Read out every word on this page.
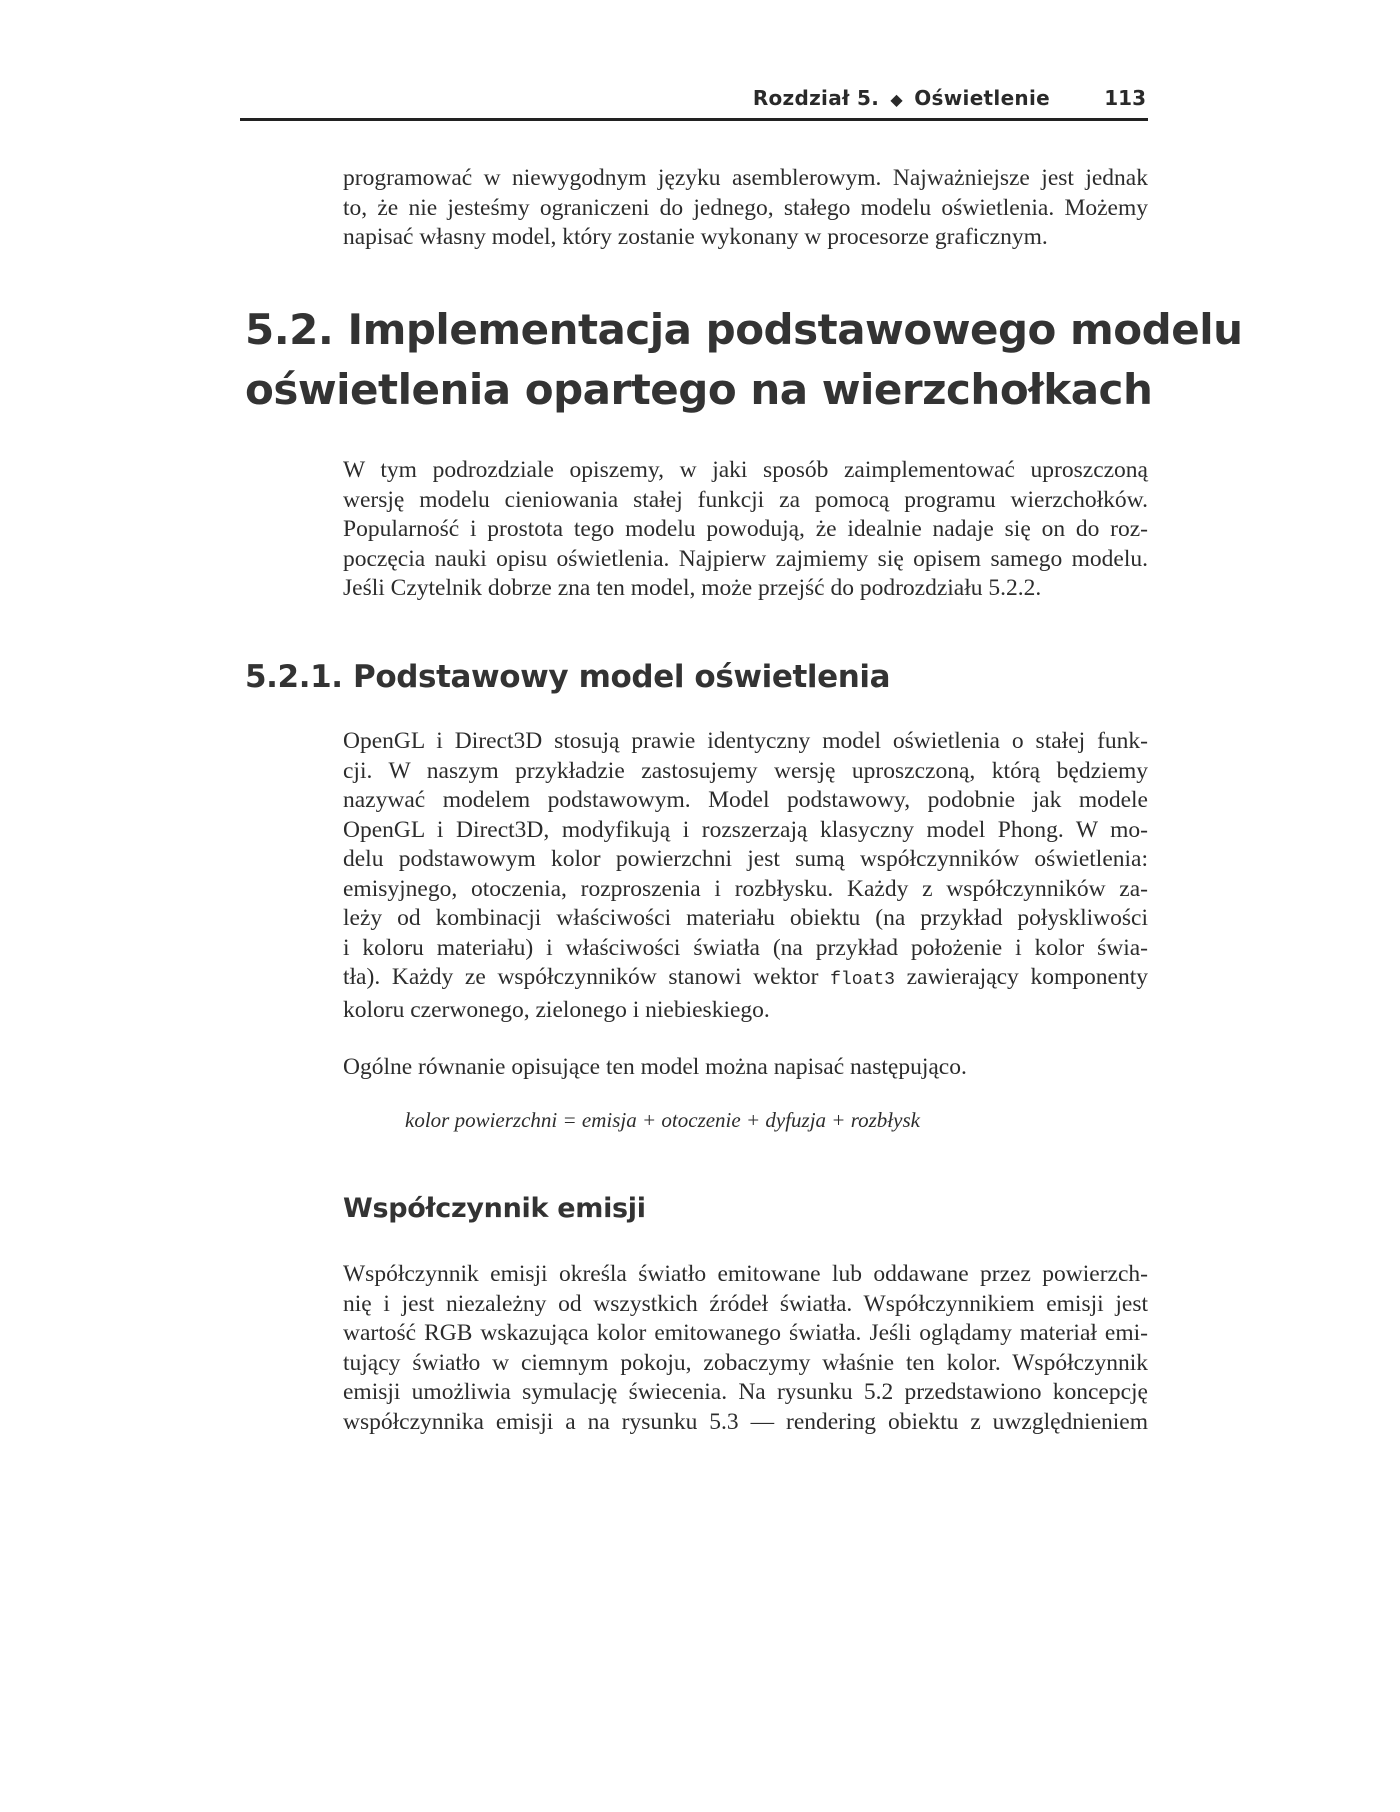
Rozdział 5. ◆ Oświetlenie	113
programować w niewygodnym języku asemblerowym. Najważniejsze jest jednak
to, że nie jesteśmy ograniczeni do jednego, stałego modelu oświetlenia. Możemy
napisać własny model, który zostanie wykonany w procesorze graficznym.
5.2. Implementacja podstawowego modelu
oświetlenia opartego na wierzchołkach
W tym podrozdziale opiszemy, w jaki sposób zaimplementować uproszczoną
wersję modelu cieniowania stałej funkcji za pomocą programu wierzchołków.
Popularność i prostota tego modelu powodują, że idealnie nadaje się on do roz-
poczęcia nauki opisu oświetlenia. Najpierw zajmiemy się opisem samego modelu.
Jeśli Czytelnik dobrze zna ten model, może przejść do podrozdziału 5.2.2.
5.2.1. Podstawowy model oświetlenia
OpenGL i Direct3D stosują prawie identyczny model oświetlenia o stałej funk-
cji. W naszym przykładzie zastosujemy wersję uproszczoną, którą będziemy
nazywać modelem podstawowym. Model podstawowy, podobnie jak modele
OpenGL i Direct3D, modyfikują i rozszerzają klasyczny model Phong. W mo-
delu podstawowym kolor powierzchni jest sumą współczynników oświetlenia:
emisyjnego, otoczenia, rozproszenia i rozbłysku. Każdy z współczynników za-
leży od kombinacji właściwości materiału obiektu (na przykład połyskliwości
i koloru materiału) i właściwości światła (na przykład położenie i kolor świa-
tła). Każdy ze współczynników stanowi wektor float3 zawierający komponenty
koloru czerwonego, zielonego i niebieskiego.
Ogólne równanie opisujące ten model można napisać następująco.
kolor powierzchni = emisja + otoczenie + dyfuzja + rozbłysk
Współczynnik emisji
Współczynnik emisji określa światło emitowane lub oddawane przez powierzch-
nię i jest niezależny od wszystkich źródeł światła. Współczynnikiem emisji jest
wartość RGB wskazująca kolor emitowanego światła. Jeśli oglądamy materiał emi-
tujący światło w ciemnym pokoju, zobaczymy właśnie ten kolor. Współczynnik
emisji umożliwia symulację świecenia. Na rysunku 5.2 przedstawiono koncepcję
współczynnika emisji a na rysunku 5.3 — rendering obiektu z uwzględnieniem
